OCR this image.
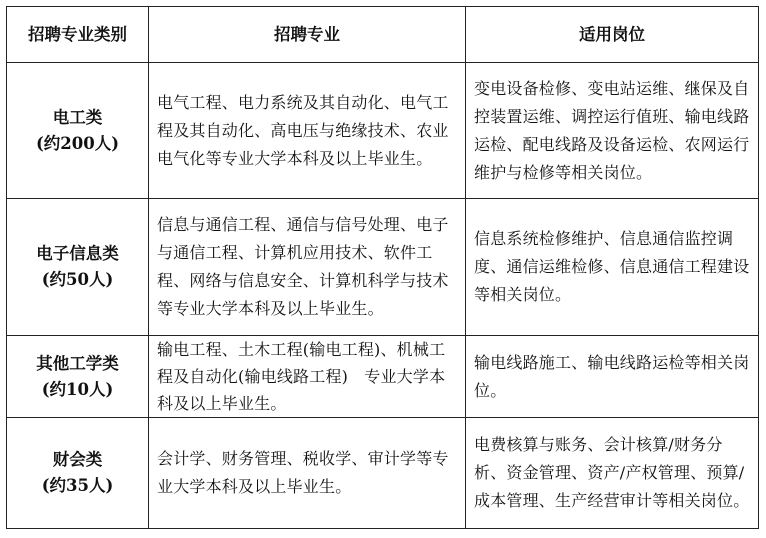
招聘专业类别	招聘专业	适用岗位

电工类
(约200人)	电气工程、电力系统及其自动化、电气工程及其自动化、高电压与绝缘技术、农业电气化等专业大学本科及以上毕业生。	变电设备检修、变电站运维、继保及自控装置运维、调控运行值班、输电线路运检、配电线路及设备运检、农网运行维护与检修等相关岗位。

电子信息类
(约50人)	信息与通信工程、通信与信号处理、电子与通信工程、计算机应用技术、软件工程、网络与信息安全、计算机科学与技术等专业大学本科及以上毕业生。	信息系统检修维护、信息通信监控调度、通信运维检修、信息通信工程建设等相关岗位。

其他工学类
(约10人)	输电工程、土木工程(输电工程)、机械工程及自动化(输电线路工程)　专业大学本科及以上毕业生。	输电线路施工、输电线路运检等相关岗位。

财会类
(约35人)	会计学、财务管理、税收学、审计学等专业大学本科及以上毕业生。	电费核算与账务、会计核算/财务分析、资金管理、资产/产权管理、预算/成本管理、生产经营审计等相关岗位。
